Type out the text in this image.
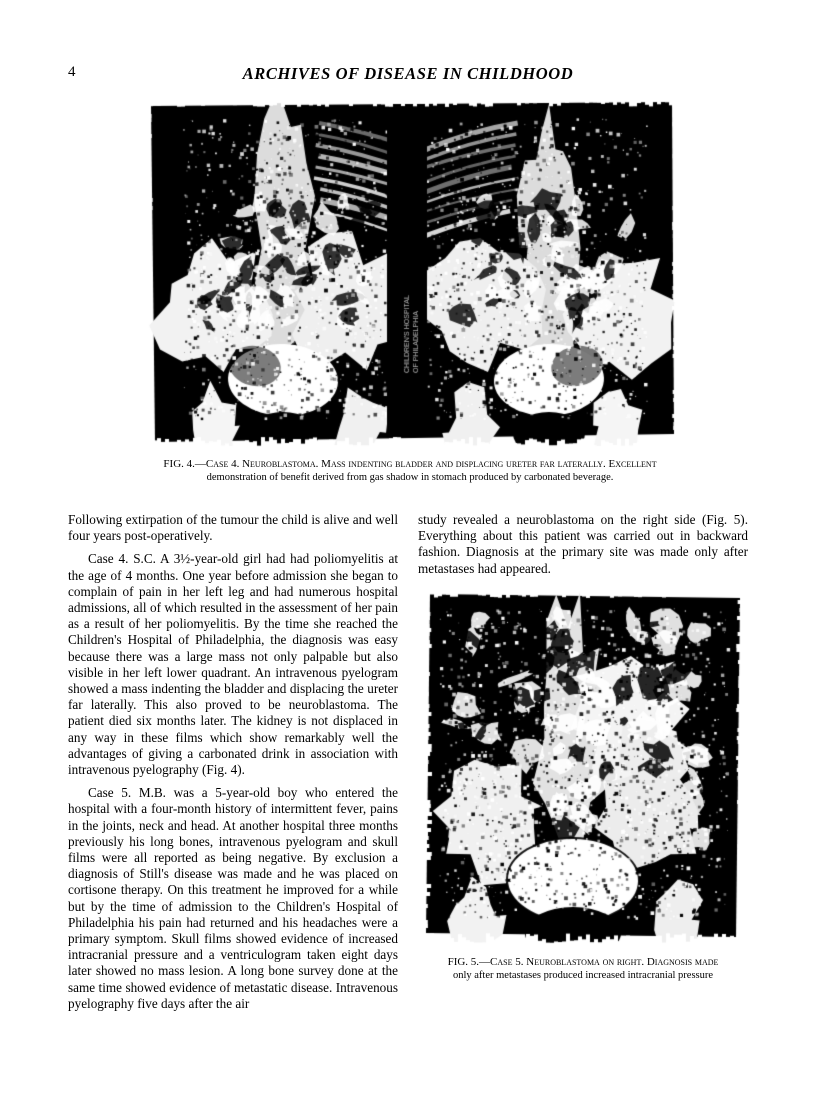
4	ARCHIVES OF DISEASE IN CHILDHOOD
FIG. 4.—Case 4. Neuroblastoma. Mass indenting bladder and displacing ureter far laterally. Excellent
demonstration of benefit derived from gas shadow in stomach produced by carbonated beverage.

Following extirpation of the tumour the child is alive and well four years post-operatively.

Case 4. S.C. A 3½-year-old girl had had poliomyelitis at the age of 4 months. One year before admission she began to complain of pain in her left leg and had numerous hospital admissions, all of which resulted in the assessment of her pain as a result of her poliomyelitis. By the time she reached the Children's Hospital of Philadelphia, the diagnosis was easy because there was a large mass not only palpable but also visible in her left lower quadrant. An intravenous pyelogram showed a mass indenting the bladder and displacing the ureter far laterally. This also proved to be neuroblastoma. The patient died six months later. The kidney is not displaced in any way in these films which show remarkably well the advantages of giving a carbonated drink in association with intravenous pyelography (Fig. 4).

Case 5. M.B. was a 5-year-old boy who entered the hospital with a four-month history of intermittent fever, pains in the joints, neck and head. At another hospital three months previously his long bones, intravenous pyelogram and skull films were all reported as being negative. By exclusion a diagnosis of Still's disease was made and he was placed on cortisone therapy. On this treatment he improved for a while but by the time of admission to the Children's Hospital of Philadelphia his pain had returned and his headaches were a primary symptom. Skull films showed evidence of increased intracranial pressure and a ventriculogram taken eight days later showed no mass lesion. A long bone survey done at the same time showed evidence of metastatic disease. Intravenous pyelography five days after the air

study revealed a neuroblastoma on the right side (Fig. 5). Everything about this patient was carried out in backward fashion. Diagnosis at the primary site was made only after metastases had appeared.

FIG. 5.—Case 5. Neuroblastoma on right. Diagnosis made
only after metastases produced increased intracranial pressure
